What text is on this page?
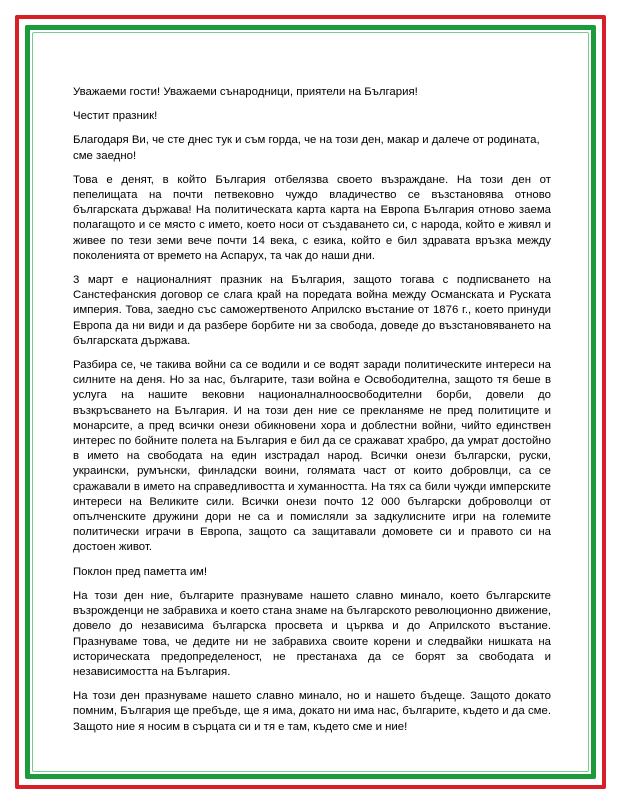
Уважаеми гости! Уважаеми сънародници, приятели на България!

Честит празник!

Благодаря Ви, че сте днес тук и съм горда, че на този ден, макар и далече от родината, сме заедно!

Това е денят, в който България отбелязва своето възраждане. На този ден от пепелищата на почти петвековно чуждо владичество се възстановява отново българската държава! На политическата карта карта на Европа България отново заема полагащото и се място с името, което носи от създаването си, с народа, който е живял и живее по тези земи вече почти 14 века, с езика, който е бил здравата връзка между поколенията от времето на Аспарух, та чак до наши дни.

3 март е националният празник на България, защото тогава с подписването на Санстефанския договор се слага край на поредата война между Османската и Руската империя. Това, заедно със саможертвеното Априлско въстание от 1876 г., което принуди Европа да ни види и да разбере борбите ни за свобода, доведе до възстановяването на българската държава.

Разбира се, че такива войни са се водили и се водят заради политическите интереси на силните на деня. Но за нас, българите, тази война е Освободителна, защото тя беше в услуга на нашите вековни националналноосвободителни борби, довели до възкръсването на България. И на този ден ние се прекланяме не пред политиците и монарсите, а пред всички онези обикновени хора и доблестни войни, чийто единствен интерес по бойните полета на България е бил да се сражават храбро, да умрат достойно в името на свободата на един изстрадал народ. Всички онези български, руски, украински, румънски, финладски воини, голямата част от които добровлци, са се сражавали в името на справедливостта и хуманността. На тях са били чужди имперските интереси на Великите сили. Всички онези почто 12 000 български доброволци от опълченските дружини дори не са и помисляли за задкулисните игри на големите политически играчи в Европа, защото са защитавали домовете си и правото си на достоен живот.

Поклон пред паметта им!

На този ден ние, българите празнуваме нашето славно минало, което българските възрожденци не забравиха и което стана знаме на българското революционно движение, довело до независима българска просвета и църква и до Априлското въстание. Празнуваме това, че дедите ни не забравиха своите корени и следвайки нишката на историческата предопределеност, не престанаха да се борят за свободата и независимостта на България.

На този ден празнуваме нашето славно минало, но и нашето бъдеще. Защото докато помним, България ще пребъде, ще я има, докато ни има нас, българите, където и да сме. Защото ние я носим в сърцата си и тя е там, където сме и ние!
